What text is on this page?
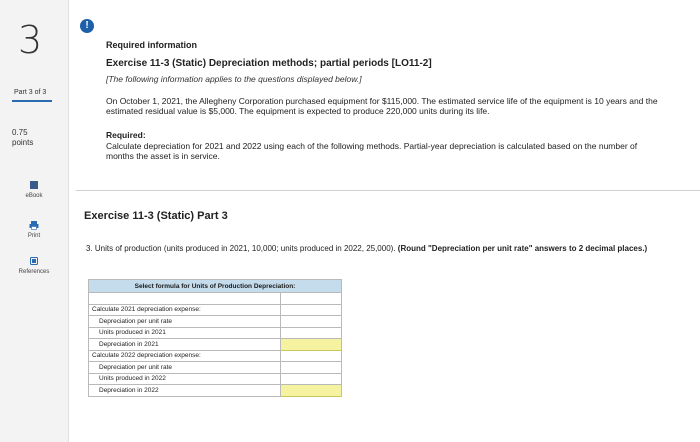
3
Part 3 of 3
0.75
points
eBook
Print
References
Required information
Exercise 11-3 (Static) Depreciation methods; partial periods [LO11-2]
[The following information applies to the questions displayed below.]
On October 1, 2021, the Allegheny Corporation purchased equipment for $115,000. The estimated service life of the equipment is 10 years and the estimated residual value is $5,000. The equipment is expected to produce 220,000 units during its life.
Required:
Calculate depreciation for 2021 and 2022 using each of the following methods. Partial-year depreciation is calculated based on the number of months the asset is in service.
!
Exercise 11-3 (Static) Part 3
3. Units of production (units produced in 2021, 10,000; units produced in 2022, 25,000). (Round "Depreciation per unit rate" answers to 2 decimal places.)
Select formula for Units of Production Depreciation:	

Calculate 2021 depreciation expense:	
Depreciation per unit rate	
Units produced in 2021	
Depreciation in 2021	
Calculate 2022 depreciation expense:	
Depreciation per unit rate	
Units produced in 2022	
Depreciation in 2022	
